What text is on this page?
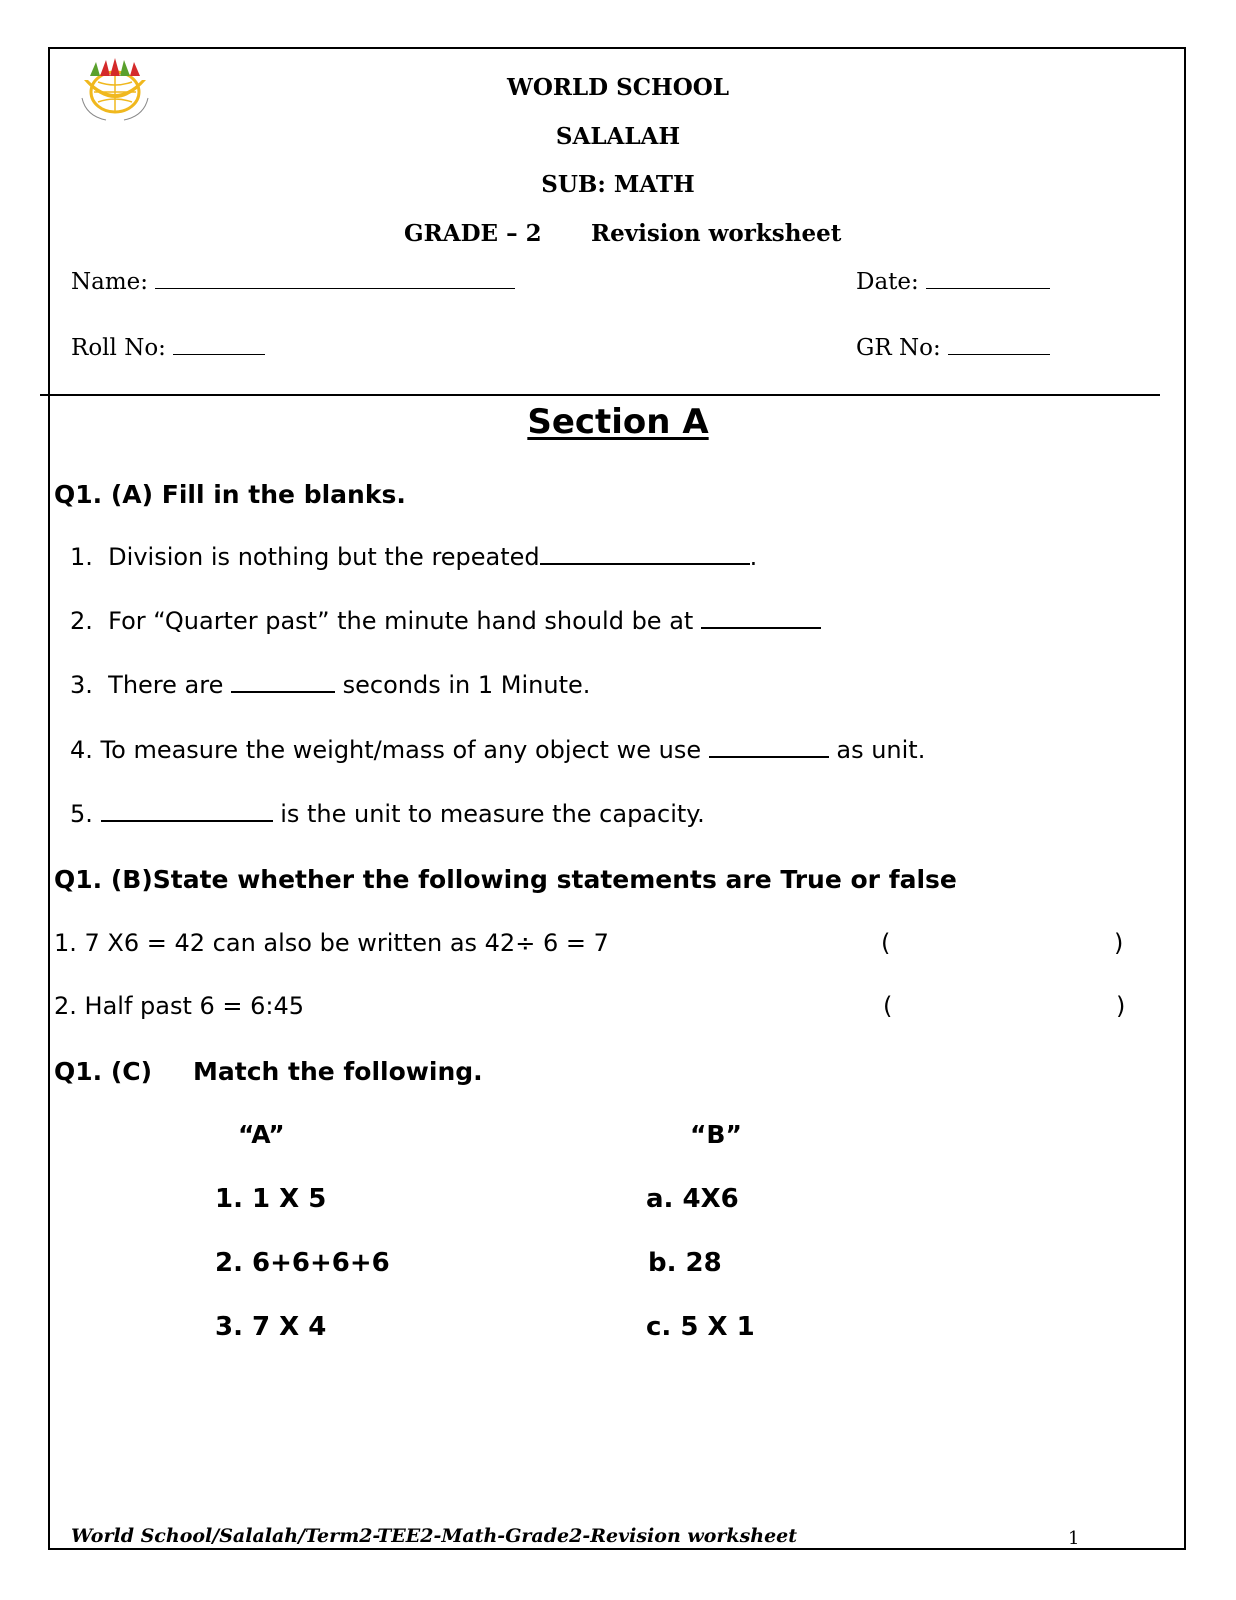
WORLD SCHOOL
SALALAH
SUB: MATH
GRADE – 2 Revision worksheet
Name:	Date:
Roll No:	GR No:
Section A
Q1. (A) Fill in the blanks.
1. Division is nothing but the repeated	.
2. For “Quarter past” the minute hand should be at
3. There are	seconds in 1 Minute.
4. To measure the weight/mass of any object we use	as unit.
5.	is the unit to measure the capacity.
Q1. (B)State whether the following statements are True or false
1. 7 X6 = 42 can also be written as 42÷ 6 = 7	(	)
2. Half past 6 = 6:45	(	)
Q1. (C) Match the following.
“A”	“B”
1. 1 X 5	a. 4X6
2. 6+6+6+6	b. 28
3. 7 X 4	c. 5 X 1
World School/Salalah/Term2-TEE2-Math-Grade2-Revision worksheet	1
